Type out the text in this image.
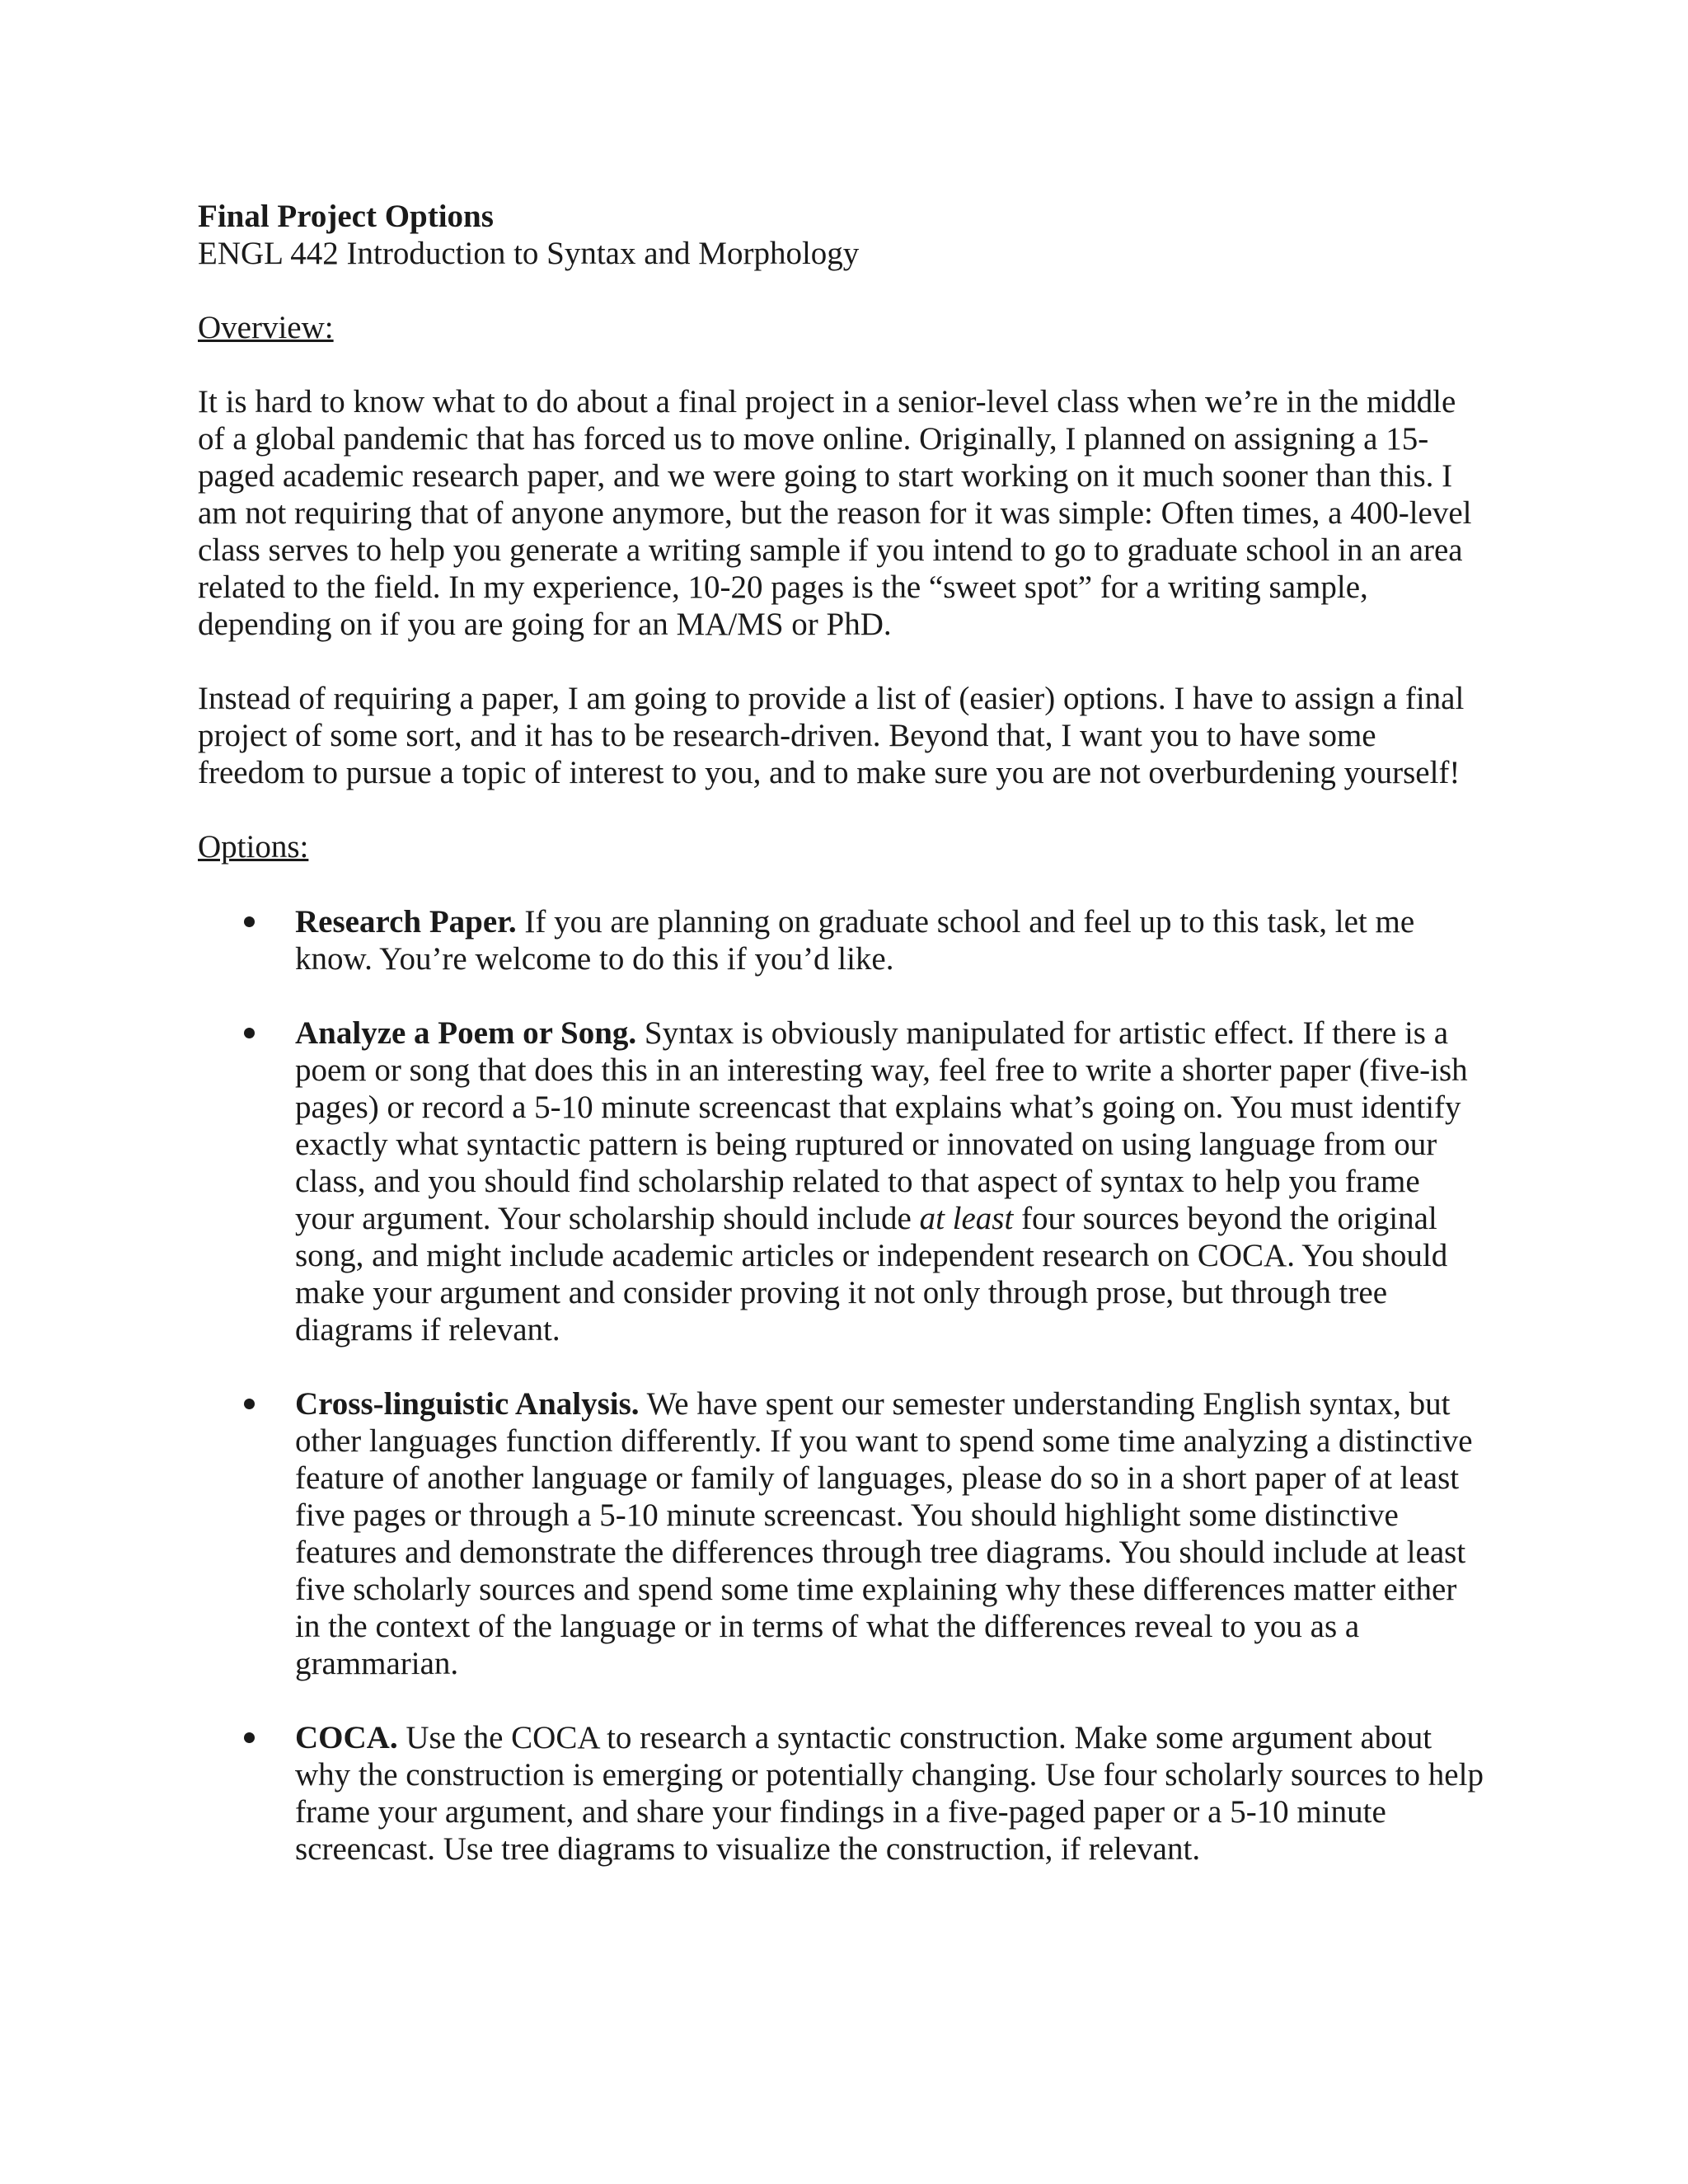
Final Project Options

ENGL 442 Introduction to Syntax and Morphology

Overview:

It is hard to know what to do about a final project in a senior-level class when we’re in the middle of a global pandemic that has forced us to move online. Originally, I planned on assigning a 15-paged academic research paper, and we were going to start working on it much sooner than this. I am not requiring that of anyone anymore, but the reason for it was simple: Often times, a 400-level class serves to help you generate a writing sample if you intend to go to graduate school in an area related to the field. In my experience, 10-20 pages is the “sweet spot” for a writing sample, depending on if you are going for an MA/MS or PhD.

Instead of requiring a paper, I am going to provide a list of (easier) options. I have to assign a final project of some sort, and it has to be research-driven. Beyond that, I want you to have some freedom to pursue a topic of interest to you, and to make sure you are not overburdening yourself!

Options:

Research Paper. If you are planning on graduate school and feel up to this task, let me know. You’re welcome to do this if you’d like.
Analyze a Poem or Song. Syntax is obviously manipulated for artistic effect. If there is a poem or song that does this in an interesting way, feel free to write a shorter paper (five-ish pages) or record a 5-10 minute screencast that explains what’s going on. You must identify exactly what syntactic pattern is being ruptured or innovated on using language from our class, and you should find scholarship related to that aspect of syntax to help you frame your argument. Your scholarship should include at least four sources beyond the original song, and might include academic articles or independent research on COCA. You should make your argument and consider proving it not only through prose, but through tree diagrams if relevant.
Cross-linguistic Analysis. We have spent our semester understanding English syntax, but other languages function differently. If you want to spend some time analyzing a distinctive feature of another language or family of languages, please do so in a short paper of at least five pages or through a 5-10 minute screencast. You should highlight some distinctive features and demonstrate the differences through tree diagrams. You should include at least five scholarly sources and spend some time explaining why these differences matter either in the context of the language or in terms of what the differences reveal to you as a grammarian.
COCA. Use the COCA to research a syntactic construction. Make some argument about why the construction is emerging or potentially changing. Use four scholarly sources to help frame your argument, and share your findings in a five-paged paper or a 5-10 minute screencast. Use tree diagrams to visualize the construction, if relevant.
